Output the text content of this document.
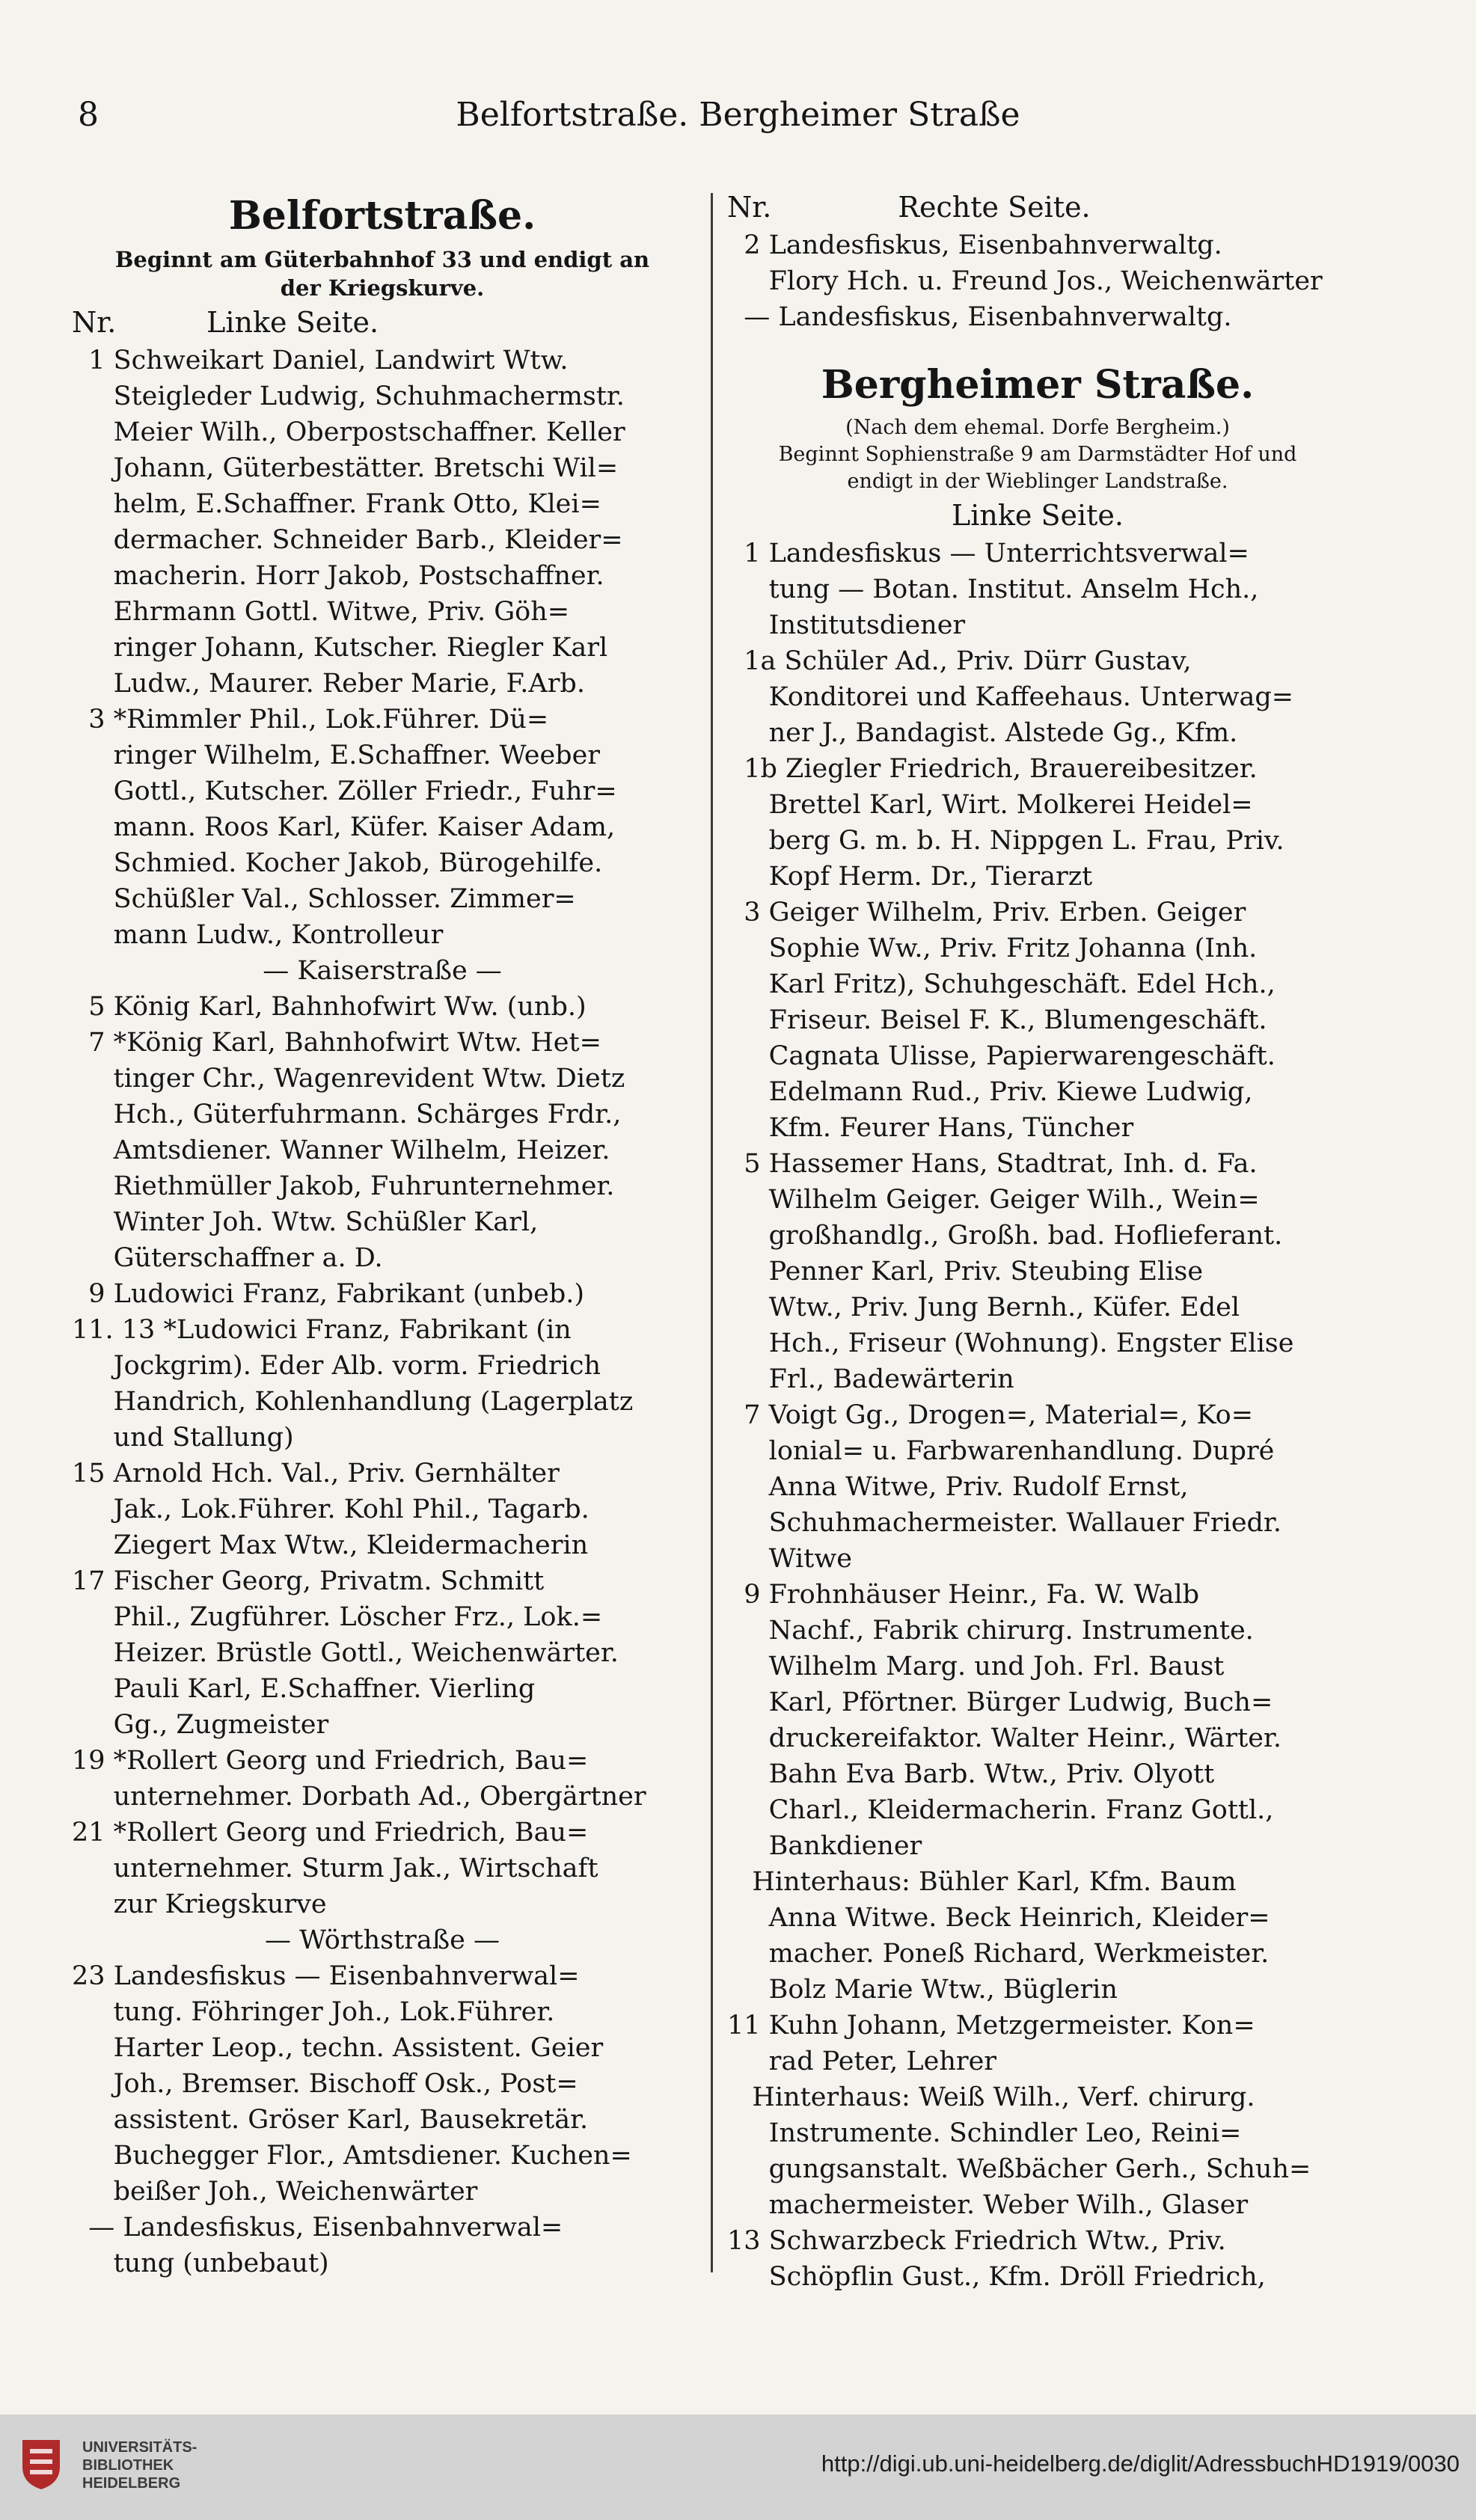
8	Belfortstraße. Bergheimer Straße
Belfortstraße.
Beginnt am Güterbahnhof 33 und endigt an
der Kriegskurve.
Nr.          Linke Seite.
1 Schweikart Daniel, Landwirt Wtw.
Steigleder Ludwig, Schuhmachermstr.
Meier Wilh., Oberpostschaffner. Keller
Johann, Güterbestätter. Bretschi Wil=
helm, E.Schaffner. Frank Otto, Klei=
dermacher. Schneider Barb., Kleider=
macherin. Horr Jakob, Postschaffner.
Ehrmann Gottl. Witwe, Priv. Göh=
ringer Johann, Kutscher. Riegler Karl
Ludw., Maurer. Reber Marie, F.Arb.
3 *Rimmler Phil., Lok.Führer. Dü=
ringer Wilhelm, E.Schaffner. Weeber
Gottl., Kutscher. Zöller Friedr., Fuhr=
mann. Roos Karl, Küfer. Kaiser Adam,
Schmied. Kocher Jakob, Bürogehilfe.
Schüßler Val., Schlosser. Zimmer=
mann Ludw., Kontrolleur
— Kaiserstraße —
5 König Karl, Bahnhofwirt Ww. (unb.)
7 *König Karl, Bahnhofwirt Wtw. Het=
tinger Chr., Wagenrevident Wtw. Dietz
Hch., Güterfuhrmann. Schärges Frdr.,
Amtsdiener. Wanner Wilhelm, Heizer.
Riethmüller Jakob, Fuhrunternehmer.
Winter Joh. Wtw. Schüßler Karl,
Güterschaffner a. D.
9 Ludowici Franz, Fabrikant (unbeb.)
11. 13 *Ludowici Franz, Fabrikant (in
Jockgrim). Eder Alb. vorm. Friedrich
Handrich, Kohlenhandlung (Lagerplatz
und Stallung)
15 Arnold Hch. Val., Priv. Gernhälter
Jak., Lok.Führer. Kohl Phil., Tagarb.
Ziegert Max Wtw., Kleidermacherin
17 Fischer Georg, Privatm. Schmitt
Phil., Zugführer. Löscher Frz., Lok.=
Heizer. Brüstle Gottl., Weichenwärter.
Pauli Karl, E.Schaffner. Vierling
Gg., Zugmeister
19 *Rollert Georg und Friedrich, Bau=
unternehmer. Dorbath Ad., Obergärtner
21 *Rollert Georg und Friedrich, Bau=
unternehmer. Sturm Jak., Wirtschaft
zur Kriegskurve
— Wörthstraße —
23 Landesfiskus — Eisenbahnverwal=
tung. Föhringer Joh., Lok.Führer.
Harter Leop., techn. Assistent. Geier
Joh., Bremser. Bischoff Osk., Post=
assistent. Gröser Karl, Bausekretär.
Buchegger Flor., Amtsdiener. Kuchen=
beißer Joh., Weichenwärter
— Landesfiskus, Eisenbahnverwal=
tung (unbebaut)
Nr.              Rechte Seite.
2 Landesfiskus, Eisenbahnverwaltg.
Flory Hch. u. Freund Jos., Weichenwärter
— Landesfiskus, Eisenbahnverwaltg.
Bergheimer Straße.
(Nach dem ehemal. Dorfe Bergheim.)
Beginnt Sophienstraße 9 am Darmstädter Hof und
endigt in der Wieblinger Landstraße.
Linke Seite.
1 Landesfiskus — Unterrichtsverwal=
tung — Botan. Institut. Anselm Hch.,
Institutsdiener
1a Schüler Ad., Priv. Dürr Gustav,
Konditorei und Kaffeehaus. Unterwag=
ner J., Bandagist. Alstede Gg., Kfm.
1b Ziegler Friedrich, Brauereibesitzer.
Brettel Karl, Wirt. Molkerei Heidel=
berg G. m. b. H. Nippgen L. Frau, Priv.
Kopf Herm. Dr., Tierarzt
3 Geiger Wilhelm, Priv. Erben. Geiger
Sophie Ww., Priv. Fritz Johanna (Inh.
Karl Fritz), Schuhgeschäft. Edel Hch.,
Friseur. Beisel F. K., Blumengeschäft.
Cagnata Ulisse, Papierwarengeschäft.
Edelmann Rud., Priv. Kiewe Ludwig,
Kfm. Feurer Hans, Tüncher
5 Hassemer Hans, Stadtrat, Inh. d. Fa.
Wilhelm Geiger. Geiger Wilh., Wein=
großhandlg., Großh. bad. Hoflieferant.
Penner Karl, Priv. Steubing Elise
Wtw., Priv. Jung Bernh., Küfer. Edel
Hch., Friseur (Wohnung). Engster Elise
Frl., Badewärterin
7 Voigt Gg., Drogen=, Material=, Ko=
lonial= u. Farbwarenhandlung. Dupré
Anna Witwe, Priv. Rudolf Ernst,
Schuhmachermeister. Wallauer Friedr.
Witwe
9 Frohnhäuser Heinr., Fa. W. Walb
Nachf., Fabrik chirurg. Instrumente.
Wilhelm Marg. und Joh. Frl. Baust
Karl, Pförtner. Bürger Ludwig, Buch=
druckereifaktor. Walter Heinr., Wärter.
Bahn Eva Barb. Wtw., Priv. Olyott
Charl., Kleidermacherin. Franz Gottl.,
Bankdiener
Hinterhaus: Bühler Karl, Kfm. Baum
Anna Witwe. Beck Heinrich, Kleider=
macher. Poneß Richard, Werkmeister.
Bolz Marie Wtw., Büglerin
11 Kuhn Johann, Metzgermeister. Kon=
rad Peter, Lehrer
Hinterhaus: Weiß Wilh., Verf. chirurg.
Instrumente. Schindler Leo, Reini=
gungsanstalt. Weßbächer Gerh., Schuh=
machermeister. Weber Wilh., Glaser
13 Schwarzbeck Friedrich Wtw., Priv.
Schöpflin Gust., Kfm. Dröll Friedrich,
UNIVERSITÄTS-
BIBLIOTHEK
HEIDELBERG
http://digi.ub.uni-heidelberg.de/diglit/AdressbuchHD1919/0030
